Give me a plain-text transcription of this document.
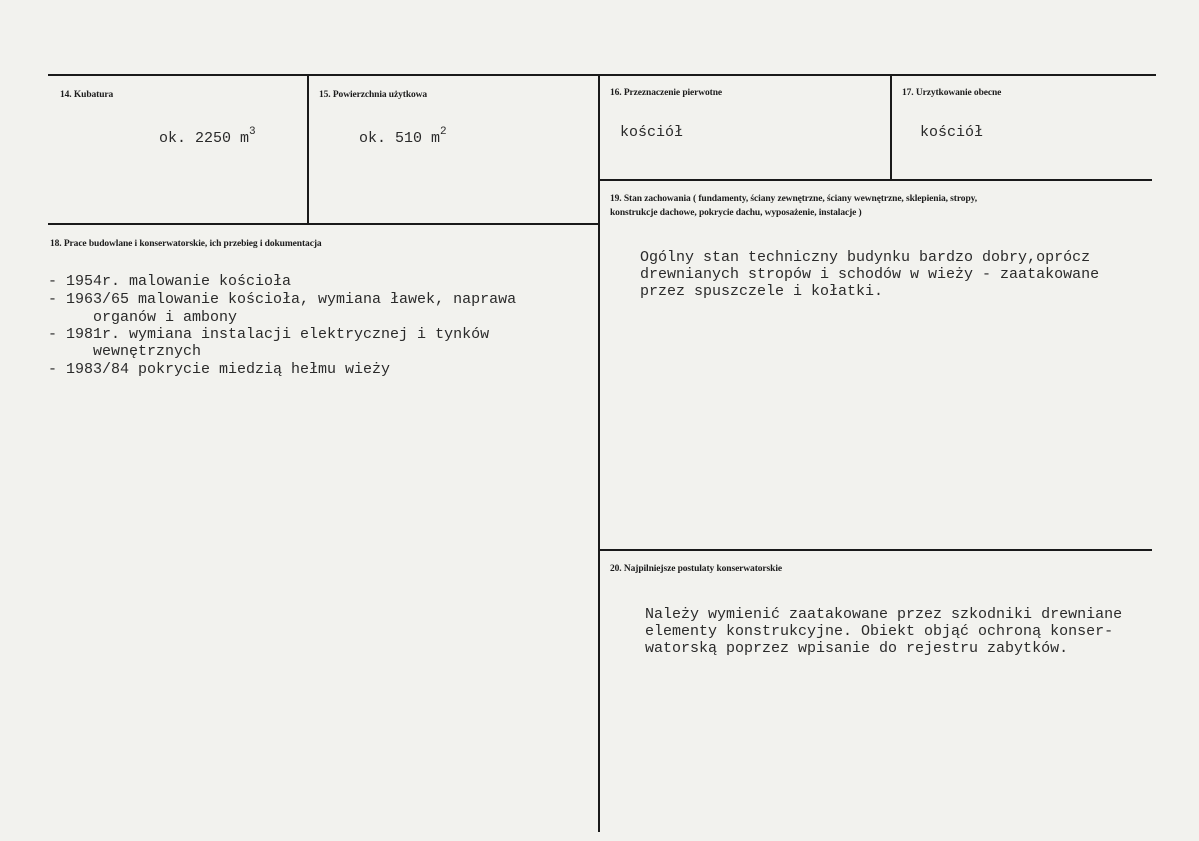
14. Kubatura
ok. 2250 $m^3$
15. Powierzchnia użytkowa
ok. 510 $m^2$
16. Przeznaczenie pierwotne
kościół
17. Urzytkowanie obecne
kościół
18. Prace budowlane i konserwatorskie, ich przebieg i dokumentacja
- 1954r. malowanie kościoła
- 1963/65 malowanie kościoła, wymiana ławek, naprawa
organów i ambony
- 1981r. wymiana instalacji elektrycznej i tynków
wewnętrznych
- 1983/84 pokrycie miedzią hełmu wieży
19. Stan zachowania ( fundamenty, ściany zewnętrzne, ściany wewnętrzne, sklepienia, stropy,
konstrukcje dachowe, pokrycie dachu, wyposażenie, instalacje )
Ogólny stan techniczny budynku bardzo dobry,oprócz
drewnianych stropów i schodów w wieży - zaatakowane
przez spuszczele i kołatki.
20. Najpilniejsze postulaty konserwatorskie
Należy wymienić zaatakowane przez szkodniki drewniane
elementy konstrukcyjne. Obiekt objąć ochroną konser-
watorską poprzez wpisanie do rejestru zabytków.
